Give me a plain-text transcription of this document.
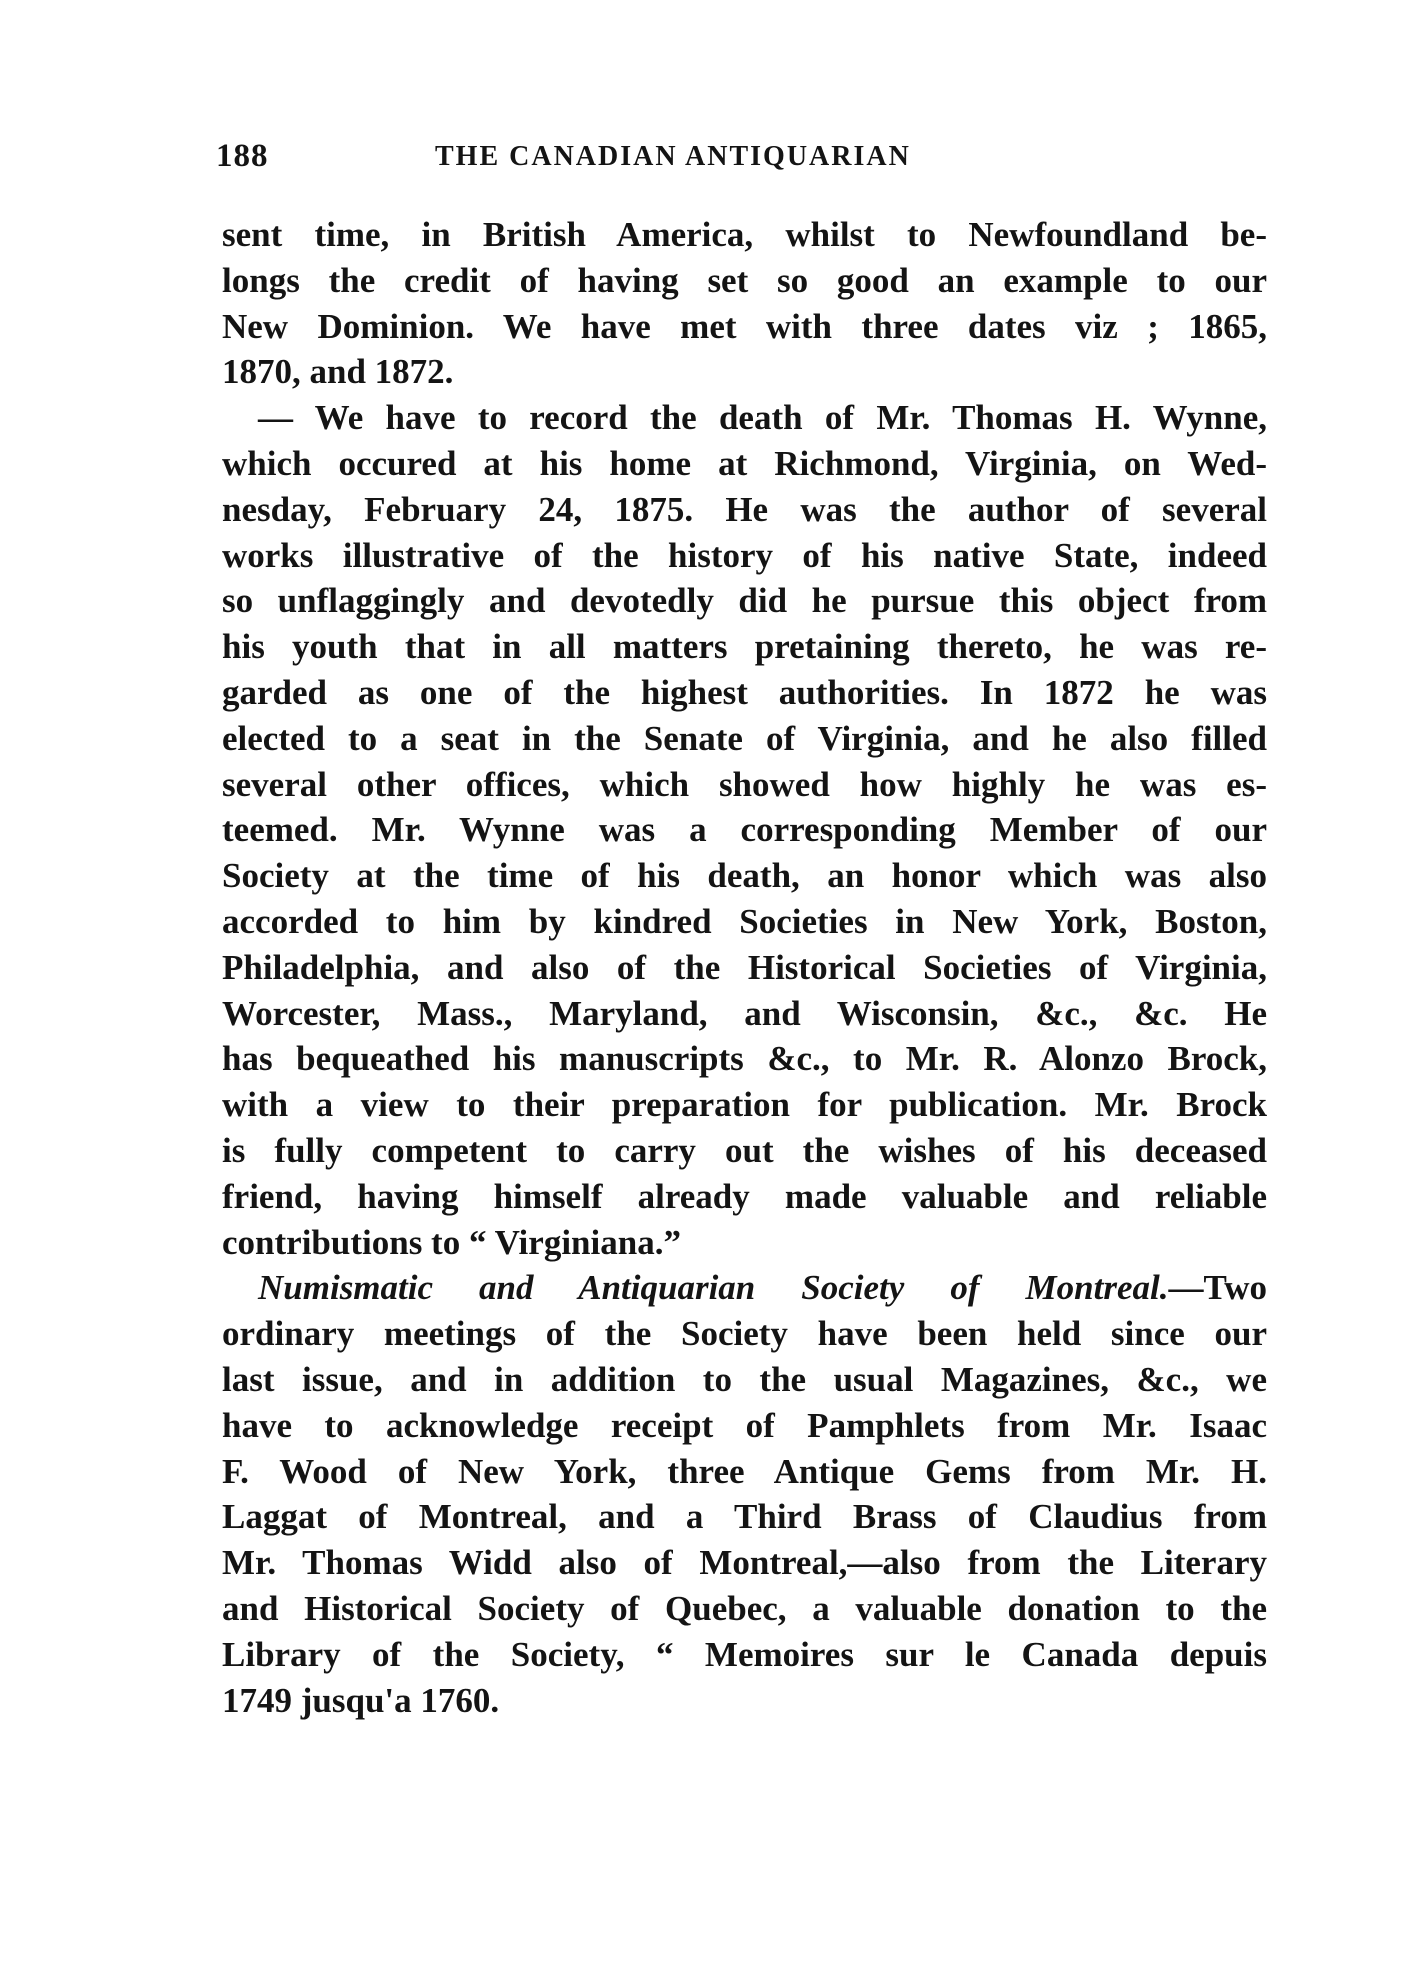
188	THE CANADIAN ANTIQUARIAN
sent time, in British America, whilst to Newfoundland be-
longs the credit of having set so good an example to our
New Dominion. We have met with three dates viz ; 1865,
1870, and 1872.
— We have to record the death of Mr. Thomas H. Wynne,
which occured at his home at Richmond, Virginia, on Wed-
nesday, February 24, 1875. He was the author of several
works illustrative of the history of his native State, indeed
so unflaggingly and devotedly did he pursue this object from
his youth that in all matters pretaining thereto, he was re-
garded as one of the highest authorities. In 1872 he was
elected to a seat in the Senate of Virginia, and he also filled
several other offices, which showed how highly he was es-
teemed. Mr. Wynne was a corresponding Member of our
Society at the time of his death, an honor which was also
accorded to him by kindred Societies in New York, Boston,
Philadelphia, and also of the Historical Societies of Virginia,
Worcester, Mass., Maryland, and Wisconsin, &c., &c. He
has bequeathed his manuscripts &c., to Mr. R. Alonzo Brock,
with a view to their preparation for publication. Mr. Brock
is fully competent to carry out the wishes of his deceased
friend, having himself already made valuable and reliable
contributions to “ Virginiana.”
Numismatic and Antiquarian Society of Montreal.—Two
ordinary meetings of the Society have been held since our
last issue, and in addition to the usual Magazines, &c., we
have to acknowledge receipt of Pamphlets from Mr. Isaac
F. Wood of New York, three Antique Gems from Mr. H.
Laggat of Montreal, and a Third Brass of Claudius from
Mr. Thomas Widd also of Montreal,—also from the Literary
and Historical Society of Quebec, a valuable donation to the
Library of the Society, “ Memoires sur le Canada depuis
1749 jusqu'a 1760.
